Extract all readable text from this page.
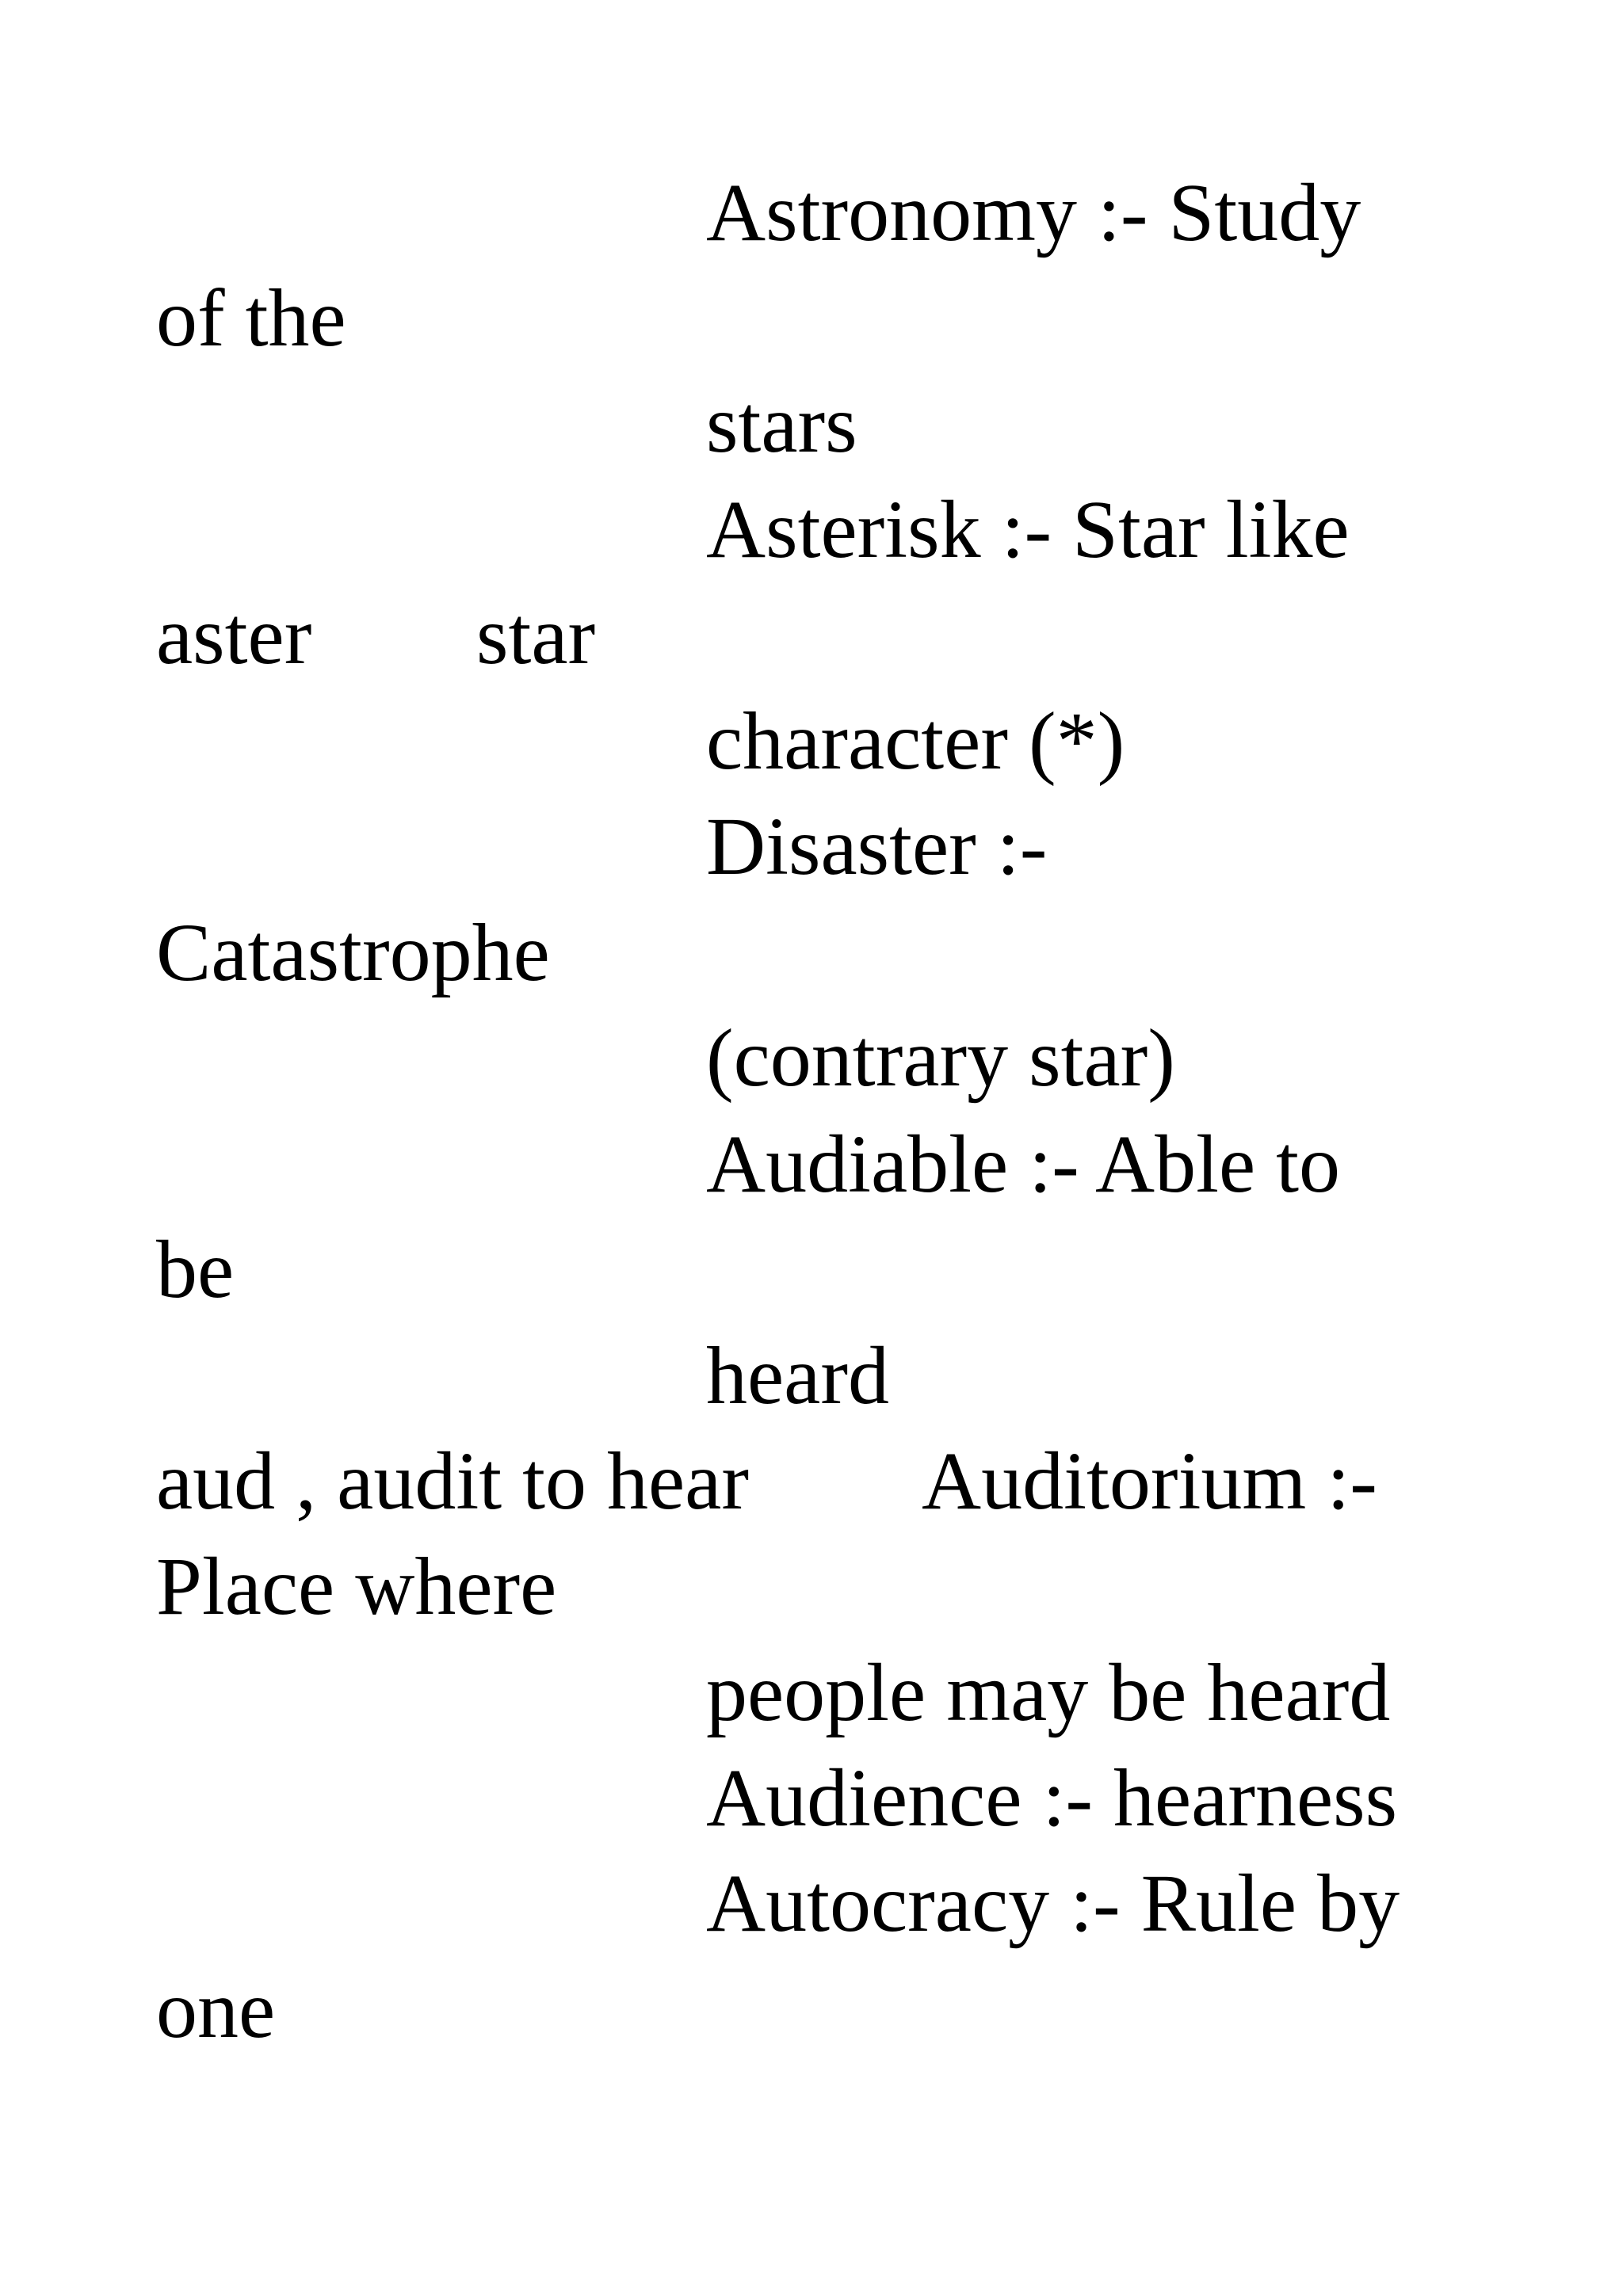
Astronomy :- Study

of the

stars

Asterisk :- Star like

aster star

character (*)

Disaster :-

Catastrophe

(contrary star)

Audiable :- Able to

be

heard

aud , audit to hear Auditorium :-

Place where

people may be heard

Audience :- hearness

Autocracy :- Rule by

one
